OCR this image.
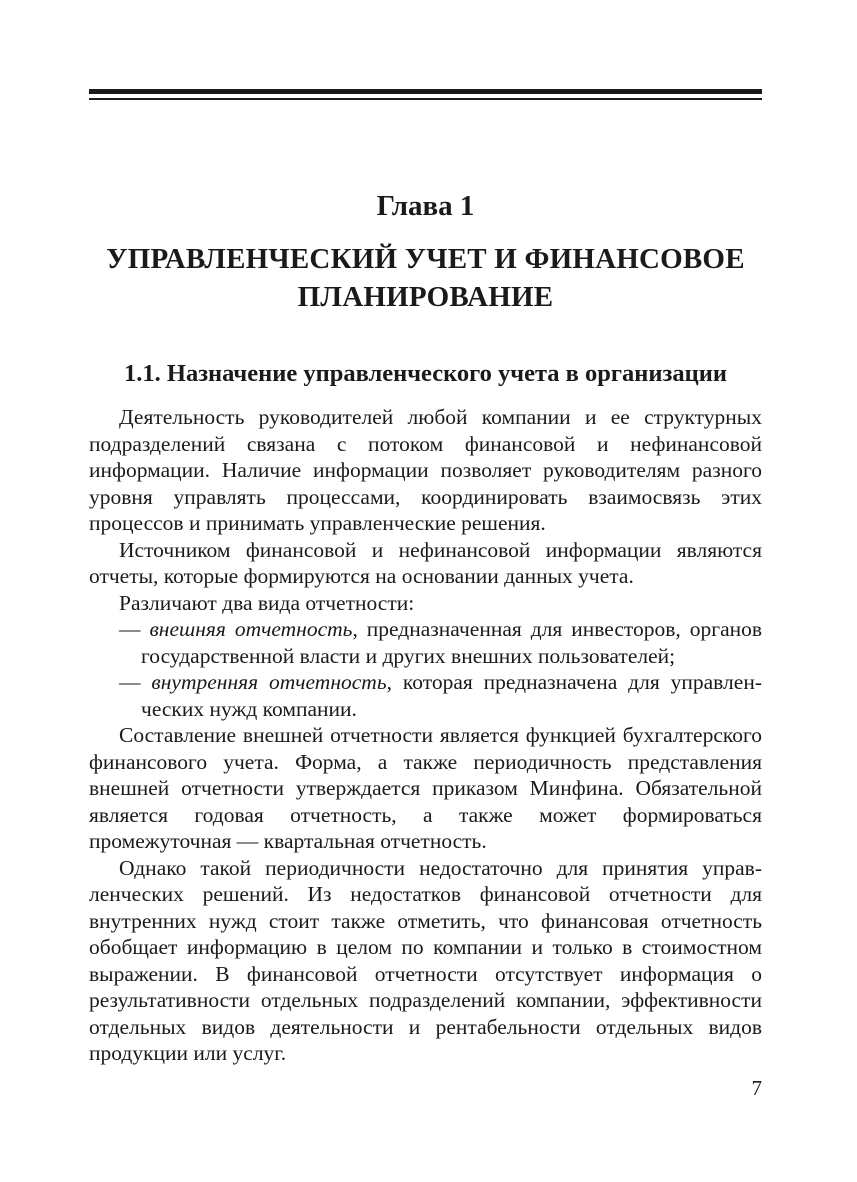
Глава 1
УПРАВЛЕНЧЕСКИЙ УЧЕТ И ФИНАНСОВОЕ
ПЛАНИРОВАНИЕ
1.1. Назначение управленческого учета в организации

Деятельность руководителей любой компании и ее структурных подразделений связана с потоком финансовой и нефинансовой информации. Наличие информации позволяет руководителям разного уровня управлять процессами, координировать взаимосвязь этих процессов и принимать управленческие решения.

Источником финансовой и нефинансовой информации являются отчеты, которые формируются на основании данных учета.

Различают два вида отчетности:

— внешняя отчетность, предназначенная для инвесторов, органов государственной власти и других внешних пользователей;

— внутренняя отчетность, которая предназначена для управленческих нужд компании.

Составление внешней отчетности является функцией бухгалтерского финансового учета. Форма, а также периодичность представления внешней отчетности утверждается приказом Минфина. Обязательной является годовая отчетность, а также может формироваться промежуточная — квартальная отчетность.

Однако такой периодичности недостаточно для принятия управленческих решений. Из недостатков финансовой отчетности для внутренних нужд стоит также отметить, что финансовая отчетность обобщает информацию в целом по компании и только в стоимостном выражении. В финансовой отчетности отсутствует информация о результативности отдельных подразделений компании, эффективности отдельных видов деятельности и рентабельности отдельных видов продукции или услуг.

7
